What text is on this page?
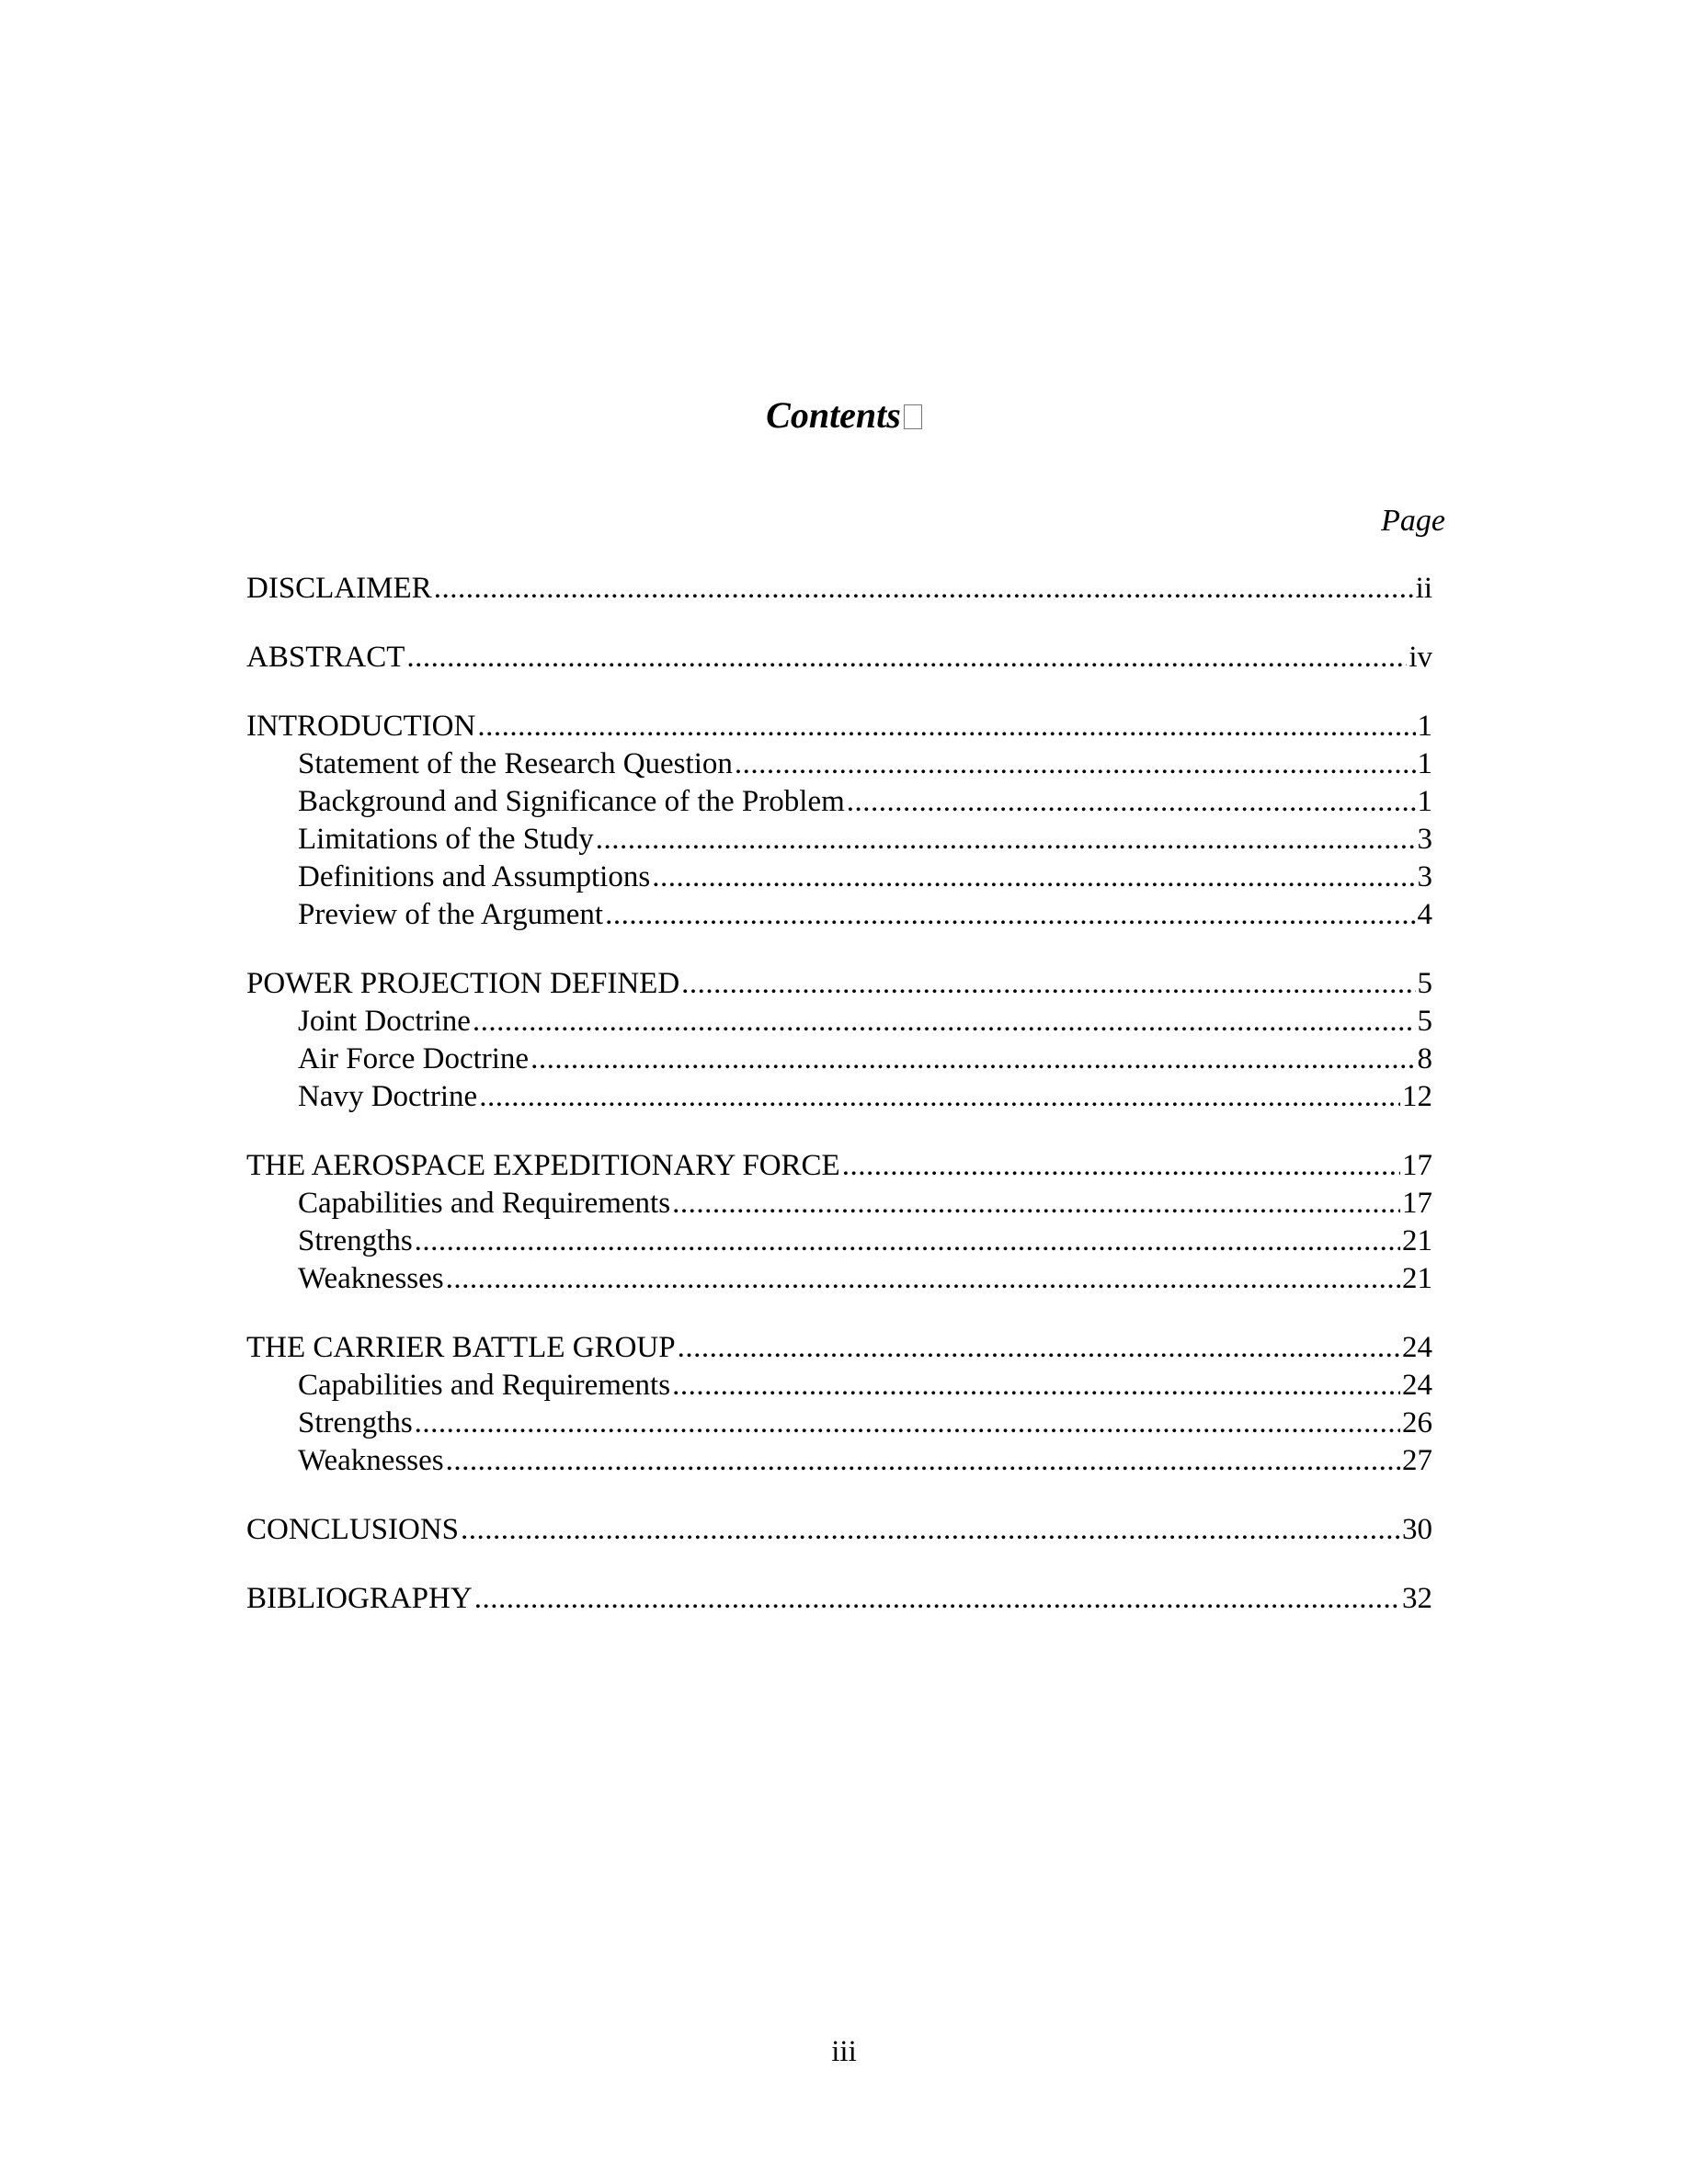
Contents
Page
DISCLAIMER .....	ii
ABSTRACT .....	iv
INTRODUCTION .....	1
Statement of the Research Question .....	1
Background and Significance of the Problem .....	1
Limitations of the Study .....	3
Definitions and Assumptions .....	3
Preview of the Argument .....	4
POWER PROJECTION DEFINED .....	5
Joint Doctrine .....	5
Air Force Doctrine .....	8
Navy Doctrine .....	12
THE AEROSPACE EXPEDITIONARY FORCE .....	17
Capabilities and Requirements .....	17
Strengths .....	21
Weaknesses .....	21
THE CARRIER BATTLE GROUP .....	24
Capabilities and Requirements .....	24
Strengths .....	26
Weaknesses .....	27
CONCLUSIONS .....	30
BIBLIOGRAPHY .....	32
iii
